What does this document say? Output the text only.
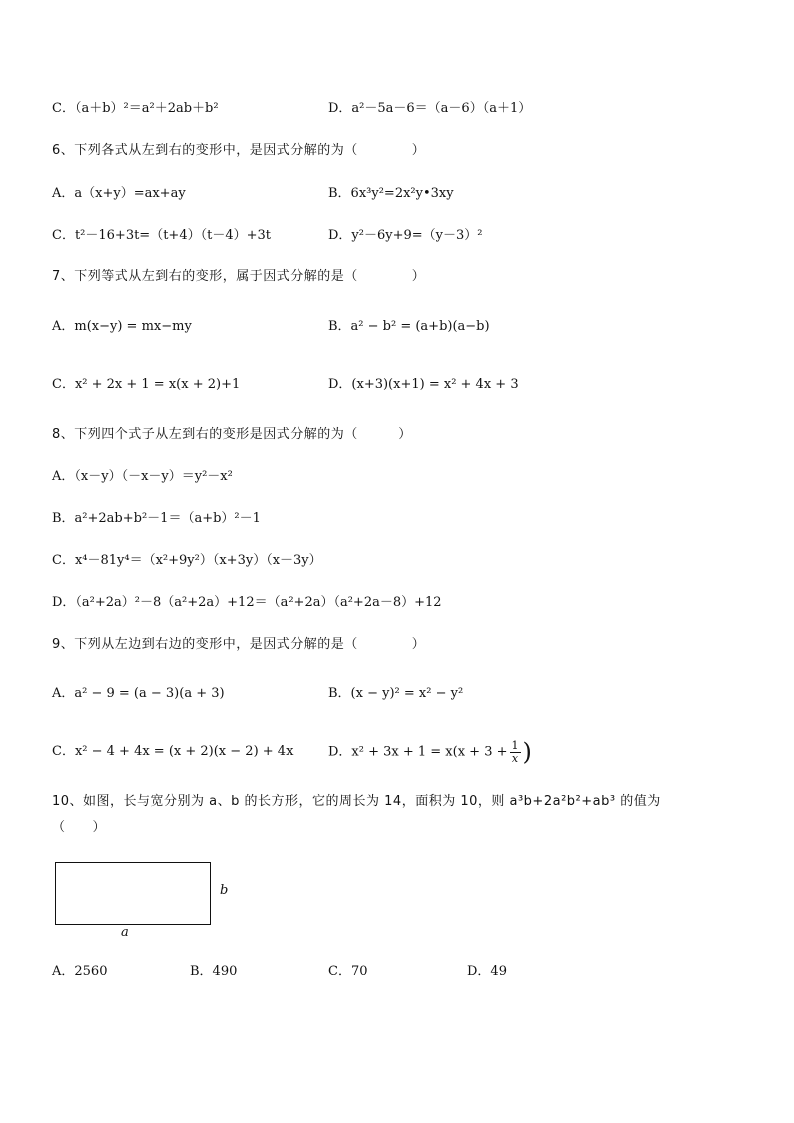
C．（a＋b）²＝a²＋2ab＋b²	D．a²－5a－6＝（a－6）（a＋1）
6、下列各式从左到右的变形中，是因式分解的为（　　　　）
A．a（x+y）=ax+ay	B．6x³y²=2x²y•3xy
C．t²－16+3t=（t+4）（t－4）+3t	D．y²－6y+9=（y－3）²
7、下列等式从左到右的变形，属于因式分解的是（　　　　）
A．m(x−y) = mx−my	B．a² − b² = (a+b)(a−b)
C．x² + 2x + 1 = x(x + 2)+1	D．(x+3)(x+1) = x² + 4x + 3
8、下列四个式子从左到右的变形是因式分解的为（　　　）
A．（x－y）（－x－y）＝y²－x²
B．a²+2ab+b²－1＝（a+b）²－1
C．x⁴－81y⁴＝（x²+9y²）（x+3y）（x－3y）
D．（a²+2a）²－8（a²+2a）+12＝（a²+2a）（a²+2a－8）+12
9、下列从左边到右边的变形中，是因式分解的是（　　　　）
A．a² − 9 = (a − 3)(a + 3)	B．(x − y)² = x² − y²
C．x² − 4 + 4x = (x + 2)(x − 2) + 4x	D．$x^2 + 3x + 1 = x(x + 3 + \frac{1}{x}$ )
10、如图，长与宽分别为 a、b 的长方形，它的周长为 14，面积为 10，则 a³b+2a²b²+ab³ 的值为
（　　）
b
a
A．2560	B．490	C．70	D．49
